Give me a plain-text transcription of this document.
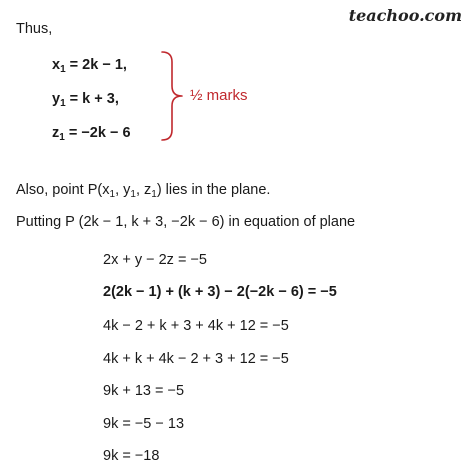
teachoo.com
Thus,
$x_1 = 2k - 1$,
$y_1 = k + 3$,
$z_1 = -2k - 6$
½ marks
Also, point $P(x_1$, $y_1$, $z_1$) lies in the plane.
Putting P (2k − 1, k + 3, −2k − 6) in equation of plane
2x + y − 2z = −5
2(2k − 1) + (k + 3) − 2(−2k − 6) = −5
4k − 2 + k + 3 + 4k + 12 = −5
4k + k + 4k − 2 + 3 + 12 = −5
9k + 13 = −5
9k = −5 − 13
9k = −18
